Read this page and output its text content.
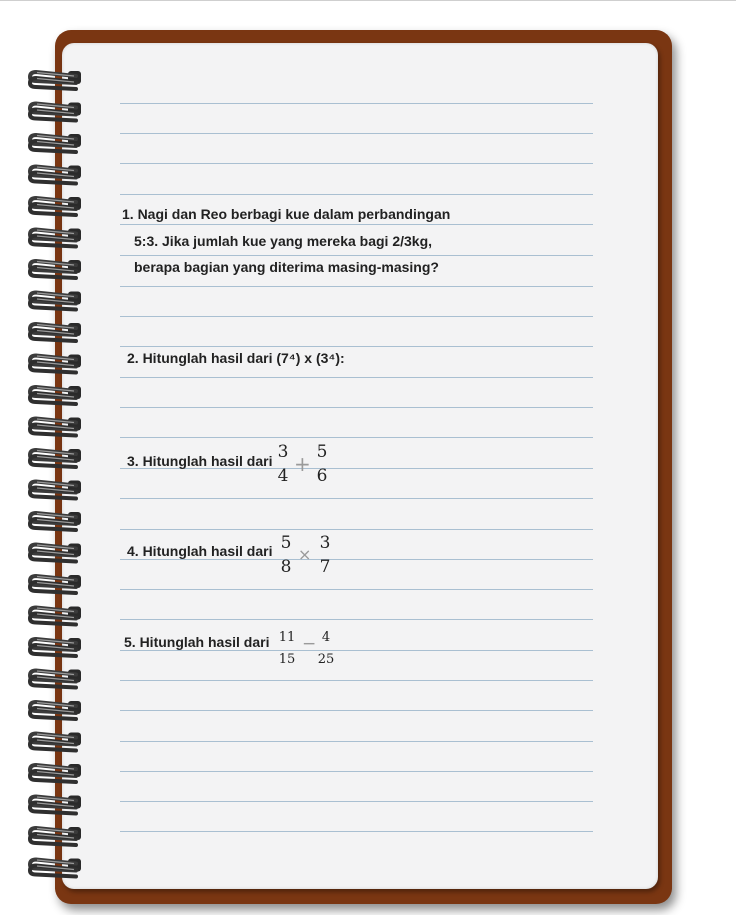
1. Nagi dan Reo berbagi kue dalam perbandingan
5:3. Jika jumlah kue yang mereka bagi 2/3kg,
berapa bagian yang diterima masing-masing?
2. Hitunglah hasil dari (7⁴) x (3⁴):
3. Hitunglah hasil dari 3
4 + 5
6
4. Hitunglah hasil dari 5
8
×
3
7
5. Hitunglah hasil dari 11
15
− 4
25
